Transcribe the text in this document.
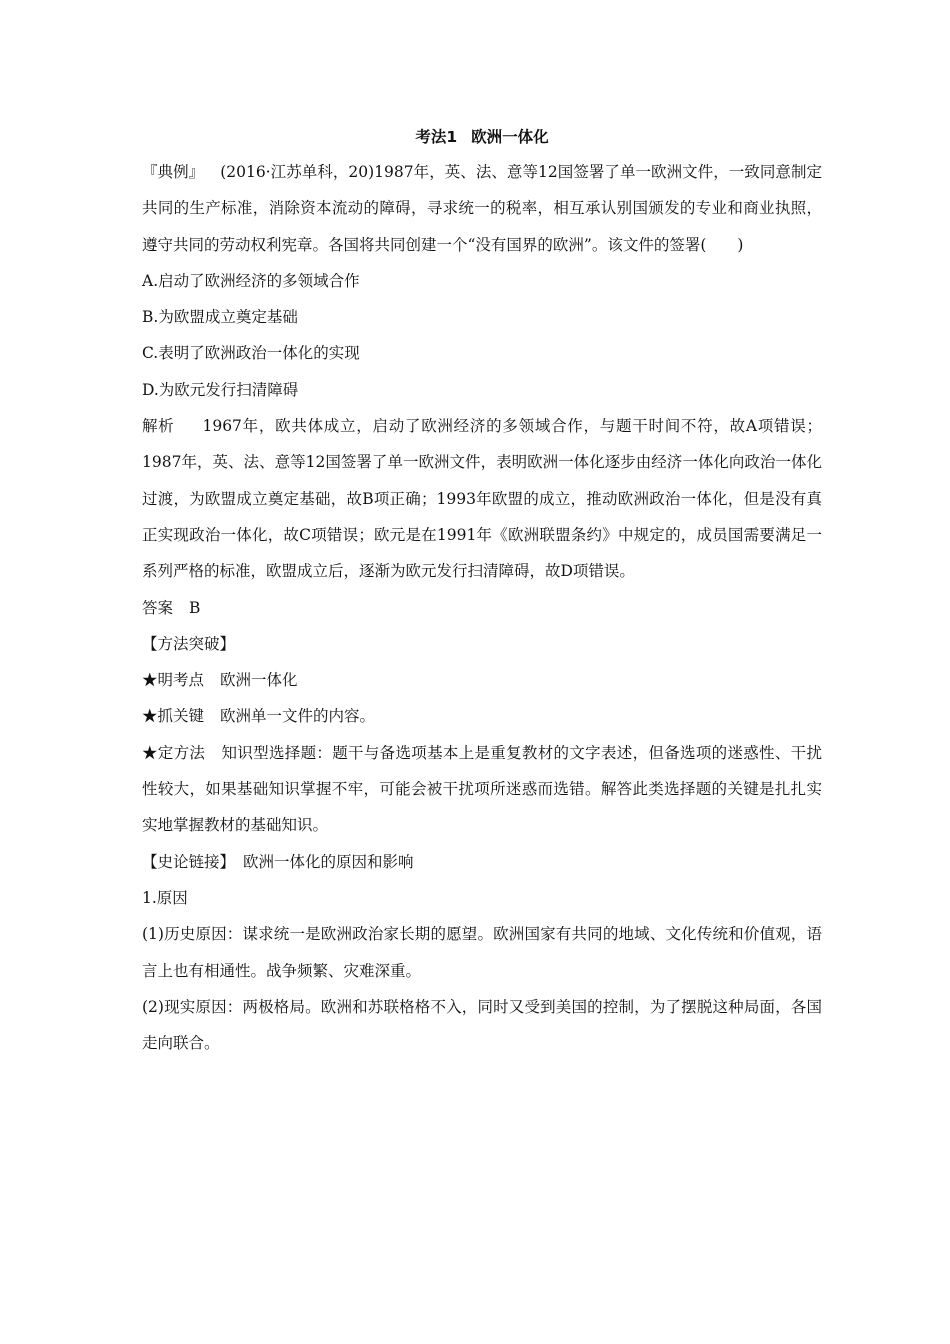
考法1 欧洲一体化

『典例』 (2016·江苏单科，20)1987年，英、法、意等12国签署了单一欧洲文件，一致同意制定共同的生产标准，消除资本流动的障碍，寻求统一的税率，相互承认别国颁发的专业和商业执照，遵守共同的劳动权利宪章。各国将共同创建一个“没有国界的欧洲”。该文件的签署(　　)

A.启动了欧洲经济的多领域合作

B.为欧盟成立奠定基础

C.表明了欧洲政治一体化的实现

D.为欧元发行扫清障碍

解析 1967年，欧共体成立，启动了欧洲经济的多领域合作，与题干时间不符，故A项错误；1987年，英、法、意等12国签署了单一欧洲文件，表明欧洲一体化逐步由经济一体化向政治一体化过渡，为欧盟成立奠定基础，故B项正确；1993年欧盟的成立，推动欧洲政治一体化，但是没有真正实现政治一体化，故C项错误；欧元是在1991年《欧洲联盟条约》中规定的，成员国需要满足一系列严格的标准，欧盟成立后，逐渐为欧元发行扫清障碍，故D项错误。

答案 B

【方法突破】

★明考点 欧洲一体化

★抓关键 欧洲单一文件的内容。

★定方法 知识型选择题：题干与备选项基本上是重复教材的文字表述，但备选项的迷惑性、干扰性较大，如果基础知识掌握不牢，可能会被干扰项所迷惑而选错。解答此类选择题的关键是扎扎实实地掌握教材的基础知识。

【史论链接】 欧洲一体化的原因和影响

1.原因

(1)历史原因：谋求统一是欧洲政治家长期的愿望。欧洲国家有共同的地域、文化传统和价值观，语言上也有相通性。战争频繁、灾难深重。

(2)现实原因：两极格局。欧洲和苏联格格不入，同时又受到美国的控制，为了摆脱这种局面，各国走向联合。
